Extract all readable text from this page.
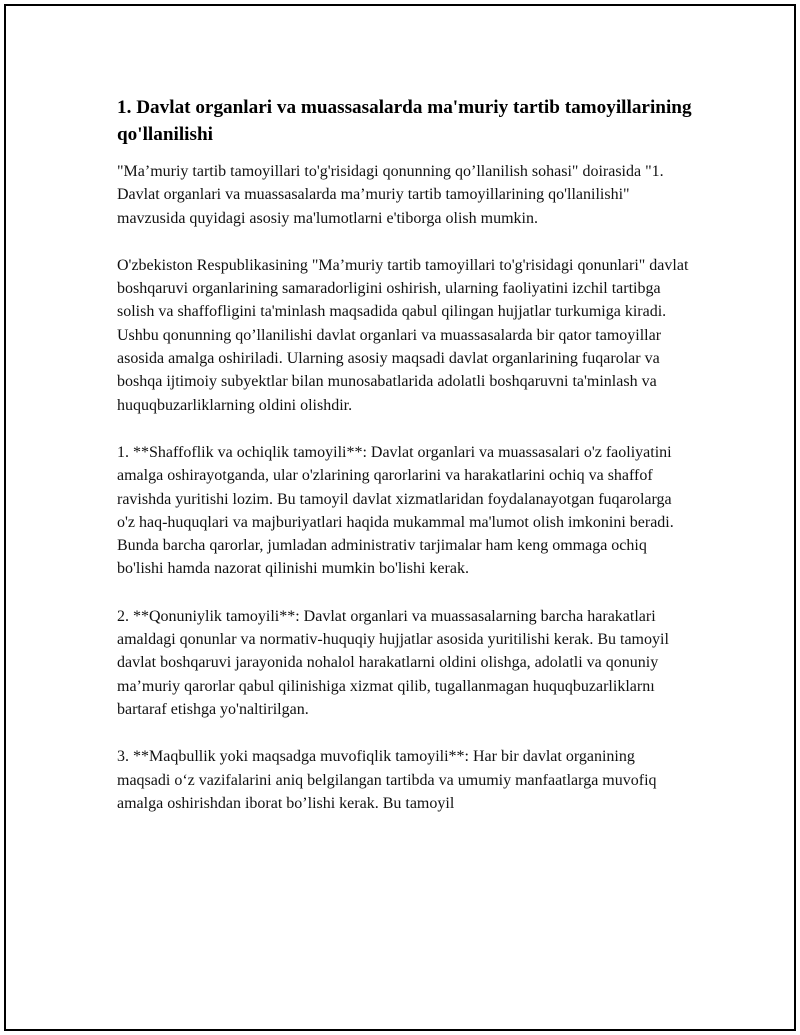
1. Davlat organlari va muassasalarda ma'muriy tartib tamoyillarining qo'llanilishi

"Ma’muriy tartib tamoyillari to'g'risidagi qonunning qo’llanilish sohasi" doirasida "1. Davlat organlari va muassasalarda ma’muriy tartib tamoyillarining qo'llanilishi" mavzusida quyidagi asosiy ma'lumotlarni e'tiborga olish mumkin.

O'zbekiston Respublikasining "Ma’muriy tartib tamoyillari to'g'risidagi qonunlari" davlat boshqaruvi organlarining samaradorligini oshirish, ularning faoliyatini izchil tartibga solish va shaffofligini ta'minlash maqsadida qabul qilingan hujjatlar turkumiga kiradi. Ushbu qonunning qo’llanilishi davlat organlari va muassasalarda bir qator tamoyillar asosida amalga oshiriladi. Ularning asosiy maqsadi davlat organlarining fuqarolar va boshqa ijtimoiy subyektlar bilan munosabatlarida adolatli boshqaruvni ta'minlash va huquqbuzarliklarning oldini olishdir.

1. **Shaffoflik va ochiqlik tamoyili**: Davlat organlari va muassasalari o'z faoliyatini amalga oshirayotganda, ular o'zlarining qarorlarini va harakatlarini ochiq va shaffof ravishda yuritishi lozim. Bu tamoyil davlat xizmatlaridan foydalanayotgan fuqarolarga o'z haq-huquqlari va majburiyatlari haqida mukammal ma'lumot olish imkonini beradi. Bunda barcha qarorlar, jumladan administrativ tarjimalar ham keng ommaga ochiq bo'lishi hamda nazorat qilinishi mumkin bo'lishi kerak.

2. **Qonuniylik tamoyili**: Davlat organlari va muassasalarning barcha harakatlari amaldagi qonunlar va normativ-huquqiy hujjatlar asosida yuritilishi kerak. Bu tamoyil davlat boshqaruvi jarayonida nohalol harakatlarni oldini olishga, adolatli va qonuniy ma’muriy qarorlar qabul qilinishiga xizmat qilib, tugallanmagan huquqbuzarliklarnı bartaraf etishga yo'naltirilgan.

3. **Maqbullik yoki maqsadga muvofiqlik tamoyili**: Har bir davlat organining maqsadi o‘z vazifalarini aniq belgilangan tartibda va umumiy manfaatlarga muvofiq amalga oshirishdan iborat bo’lishi kerak. Bu tamoyil
